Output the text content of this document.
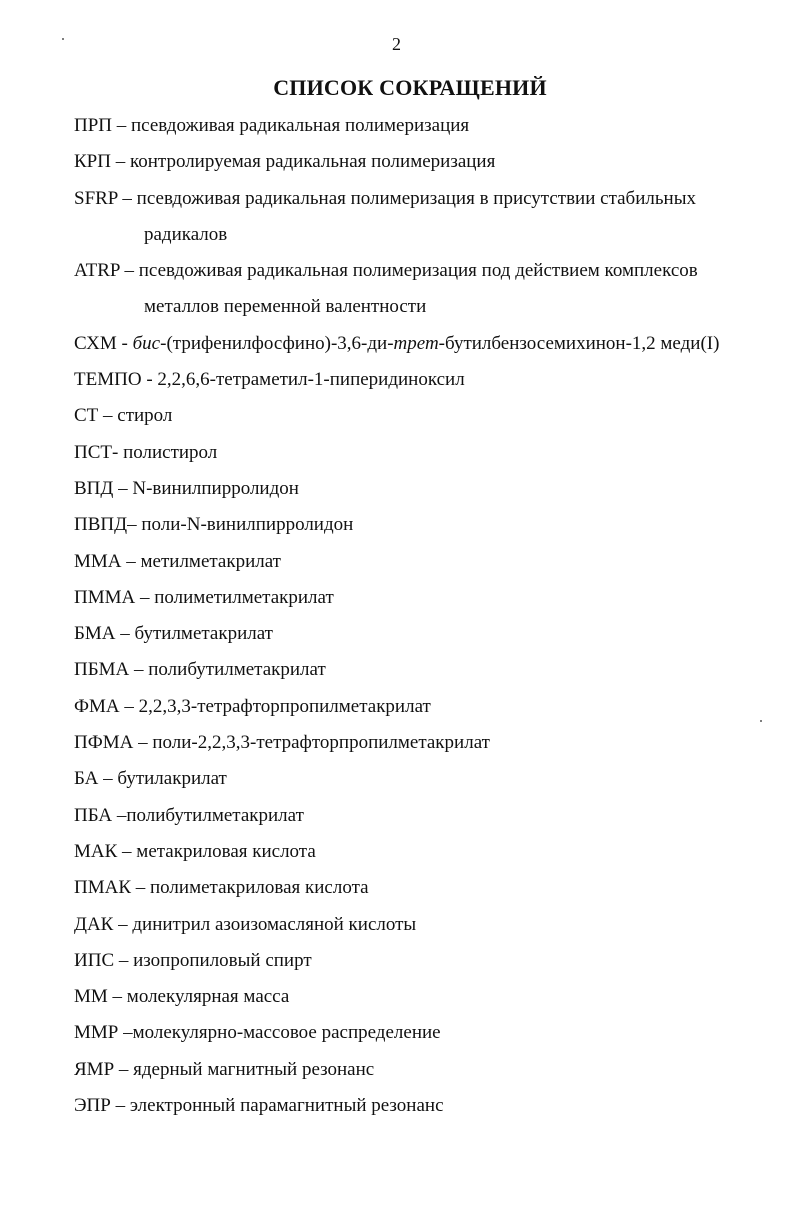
2
СПИСОК СОКРАЩЕНИЙ
ПРП – псевдоживая радикальная полимеризация
КРП – контролируемая радикальная полимеризация
SFRP – псевдоживая радикальная полимеризация в присутствии стабильных
радикалов
ATRP – псевдоживая радикальная полимеризация под действием комплексов
металлов переменной валентности
СХМ - бис-(трифенилфосфино)-3,6-ди-трет-бутилбензосемихинон-1,2 меди(I)
ТЕМПО - 2,2,6,6-тетраметил-1-пиперидиноксил
СТ – стирол
ПСТ- полистирол
ВПД – N-винилпирролидон
ПВПД– поли-N-винилпирролидон
ММА – метилметакрилат
ПММА – полиметилметакрилат
БМА – бутилметакрилат
ПБМА – полибутилметакрилат
ФМА – 2,2,3,3-тетрафторпропилметакрилат
ПФМА – поли-2,2,3,3-тетрафторпропилметакрилат
БА – бутилакрилат
ПБА –полибутилметакрилат
МАК – метакриловая кислота
ПМАК – полиметакриловая кислота
ДАК – динитрил азоизомасляной кислоты
ИПС – изопропиловый спирт
ММ – молекулярная масса
ММР –молекулярно-массовое распределение
ЯМР – ядерный магнитный резонанс
ЭПР – электронный парамагнитный резонанс
